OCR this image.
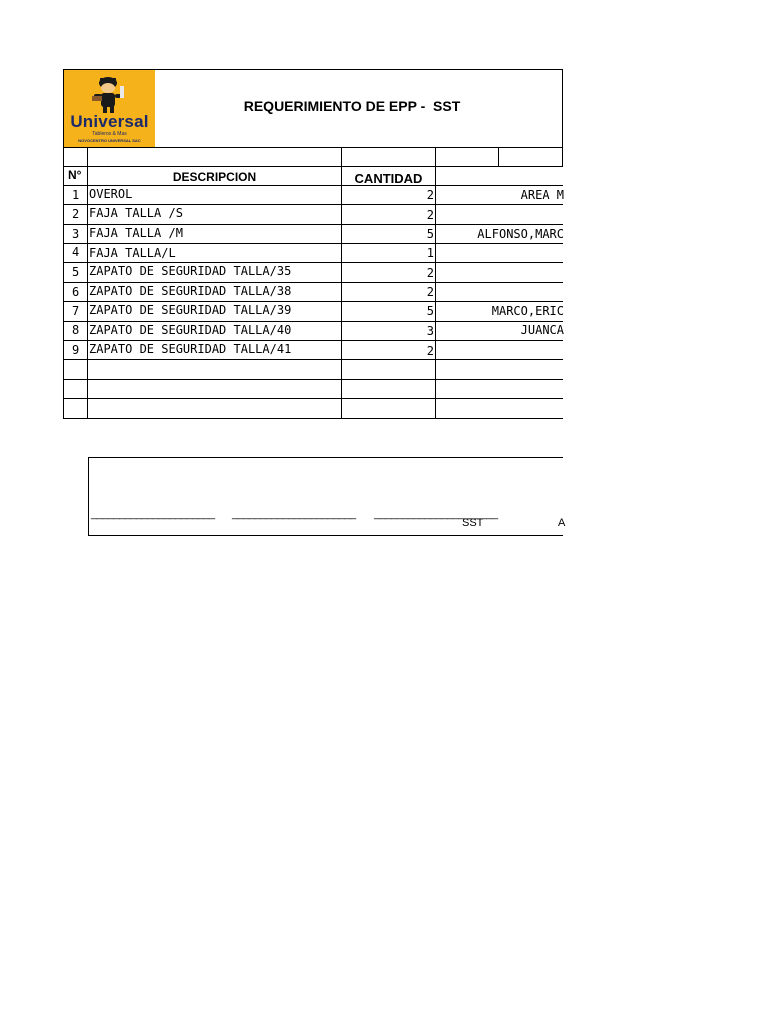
Universal
Tableros & Mas
NOVOCENTRO UNIVERSAL SAC
REQUERIMIENTO DE EPP -  SST
N°	DESCRIPCION	CANTIDAD
1 OVEROL	2	AREA M
2 FAJA TALLA /S	2
3 FAJA TALLA /M	5	ALFONSO,MARC
4 FAJA TALLA/L	1
5 ZAPATO DE SEGURIDAD TALLA/35	2
6 ZAPATO DE SEGURIDAD TALLA/38	2
7 ZAPATO DE SEGURIDAD TALLA/39	5	MARCO,ERIC
8 ZAPATO DE SEGURIDAD TALLA/40	3	JUANCA
9 ZAPATO DE SEGURIDAD TALLA/41	2
______________________ ______________________ ______________________
SST	A
